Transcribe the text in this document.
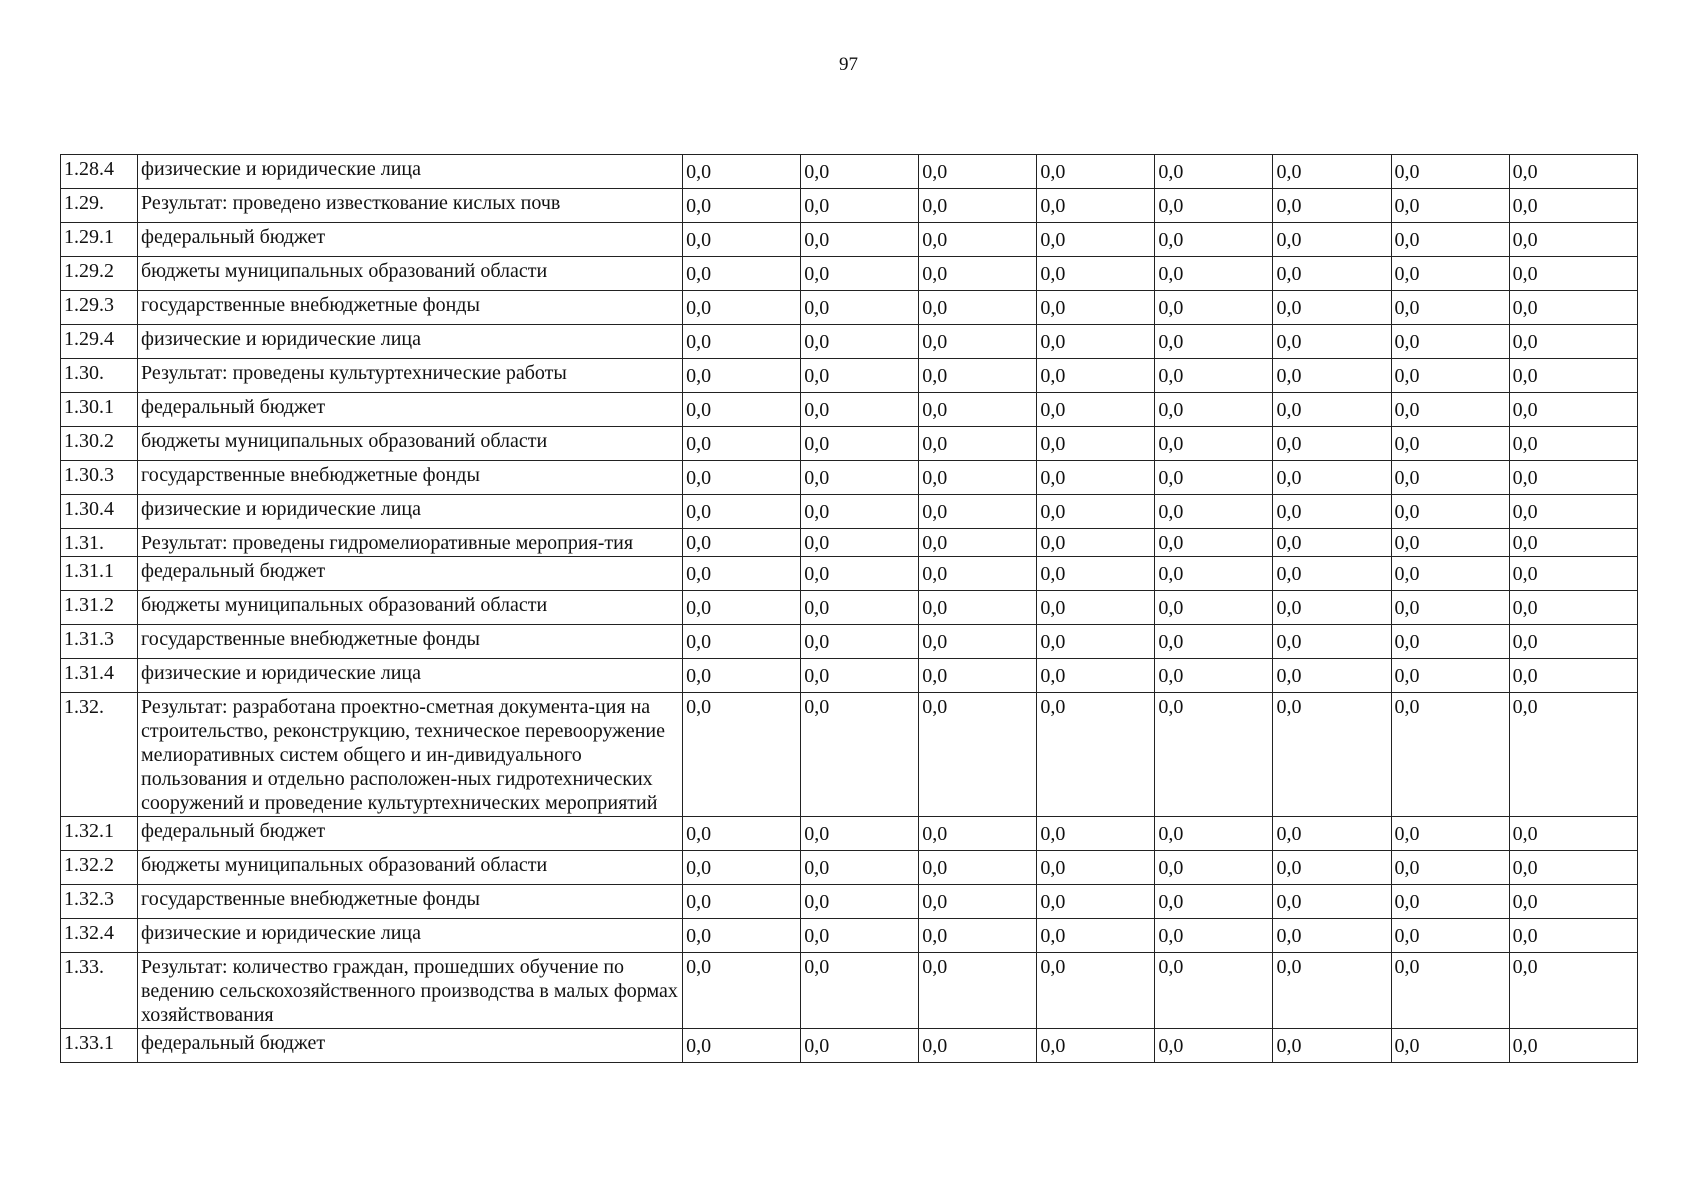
97
1.28.4	физические и юридические лица	0,0	0,0	0,0	0,0	0,0	0,0	0,0	0,0
1.29.	Результат: проведено известкование кислых почв	0,0	0,0	0,0	0,0	0,0	0,0	0,0	0,0
1.29.1	федеральный бюджет	0,0	0,0	0,0	0,0	0,0	0,0	0,0	0,0
1.29.2	бюджеты муниципальных образований области	0,0	0,0	0,0	0,0	0,0	0,0	0,0	0,0
1.29.3	государственные внебюджетные фонды	0,0	0,0	0,0	0,0	0,0	0,0	0,0	0,0
1.29.4	физические и юридические лица	0,0	0,0	0,0	0,0	0,0	0,0	0,0	0,0
1.30.	Результат: проведены культуртехнические работы	0,0	0,0	0,0	0,0	0,0	0,0	0,0	0,0
1.30.1	федеральный бюджет	0,0	0,0	0,0	0,0	0,0	0,0	0,0	0,0
1.30.2	бюджеты муниципальных образований области	0,0	0,0	0,0	0,0	0,0	0,0	0,0	0,0
1.30.3	государственные внебюджетные фонды	0,0	0,0	0,0	0,0	0,0	0,0	0,0	0,0
1.30.4	физические и юридические лица	0,0	0,0	0,0	0,0	0,0	0,0	0,0	0,0
1.31.	Результат: проведены гидромелиоративные мероприя-тия	0,0	0,0	0,0	0,0	0,0	0,0	0,0	0,0
1.31.1	федеральный бюджет	0,0	0,0	0,0	0,0	0,0	0,0	0,0	0,0
1.31.2	бюджеты муниципальных образований области	0,0	0,0	0,0	0,0	0,0	0,0	0,0	0,0
1.31.3	государственные внебюджетные фонды	0,0	0,0	0,0	0,0	0,0	0,0	0,0	0,0
1.31.4	физические и юридические лица	0,0	0,0	0,0	0,0	0,0	0,0	0,0	0,0
1.32.	Результат: разработана проектно-сметная документа-ция на строительство, реконструкцию, техническое перевооружение мелиоративных систем общего и ин-дивидуального пользования и отдельно расположен-ных гидротехнических сооружений и проведение культуртехнических мероприятий	0,0	0,0	0,0	0,0	0,0	0,0	0,0	0,0
1.32.1	федеральный бюджет	0,0	0,0	0,0	0,0	0,0	0,0	0,0	0,0
1.32.2	бюджеты муниципальных образований области	0,0	0,0	0,0	0,0	0,0	0,0	0,0	0,0
1.32.3	государственные внебюджетные фонды	0,0	0,0	0,0	0,0	0,0	0,0	0,0	0,0
1.32.4	физические и юридические лица	0,0	0,0	0,0	0,0	0,0	0,0	0,0	0,0
1.33.	Результат: количество граждан, прошедших обучение по ведению сельскохозяйственного производства в малых формах хозяйствования	0,0	0,0	0,0	0,0	0,0	0,0	0,0	0,0
1.33.1	федеральный бюджет	0,0	0,0	0,0	0,0	0,0	0,0	0,0	0,0
